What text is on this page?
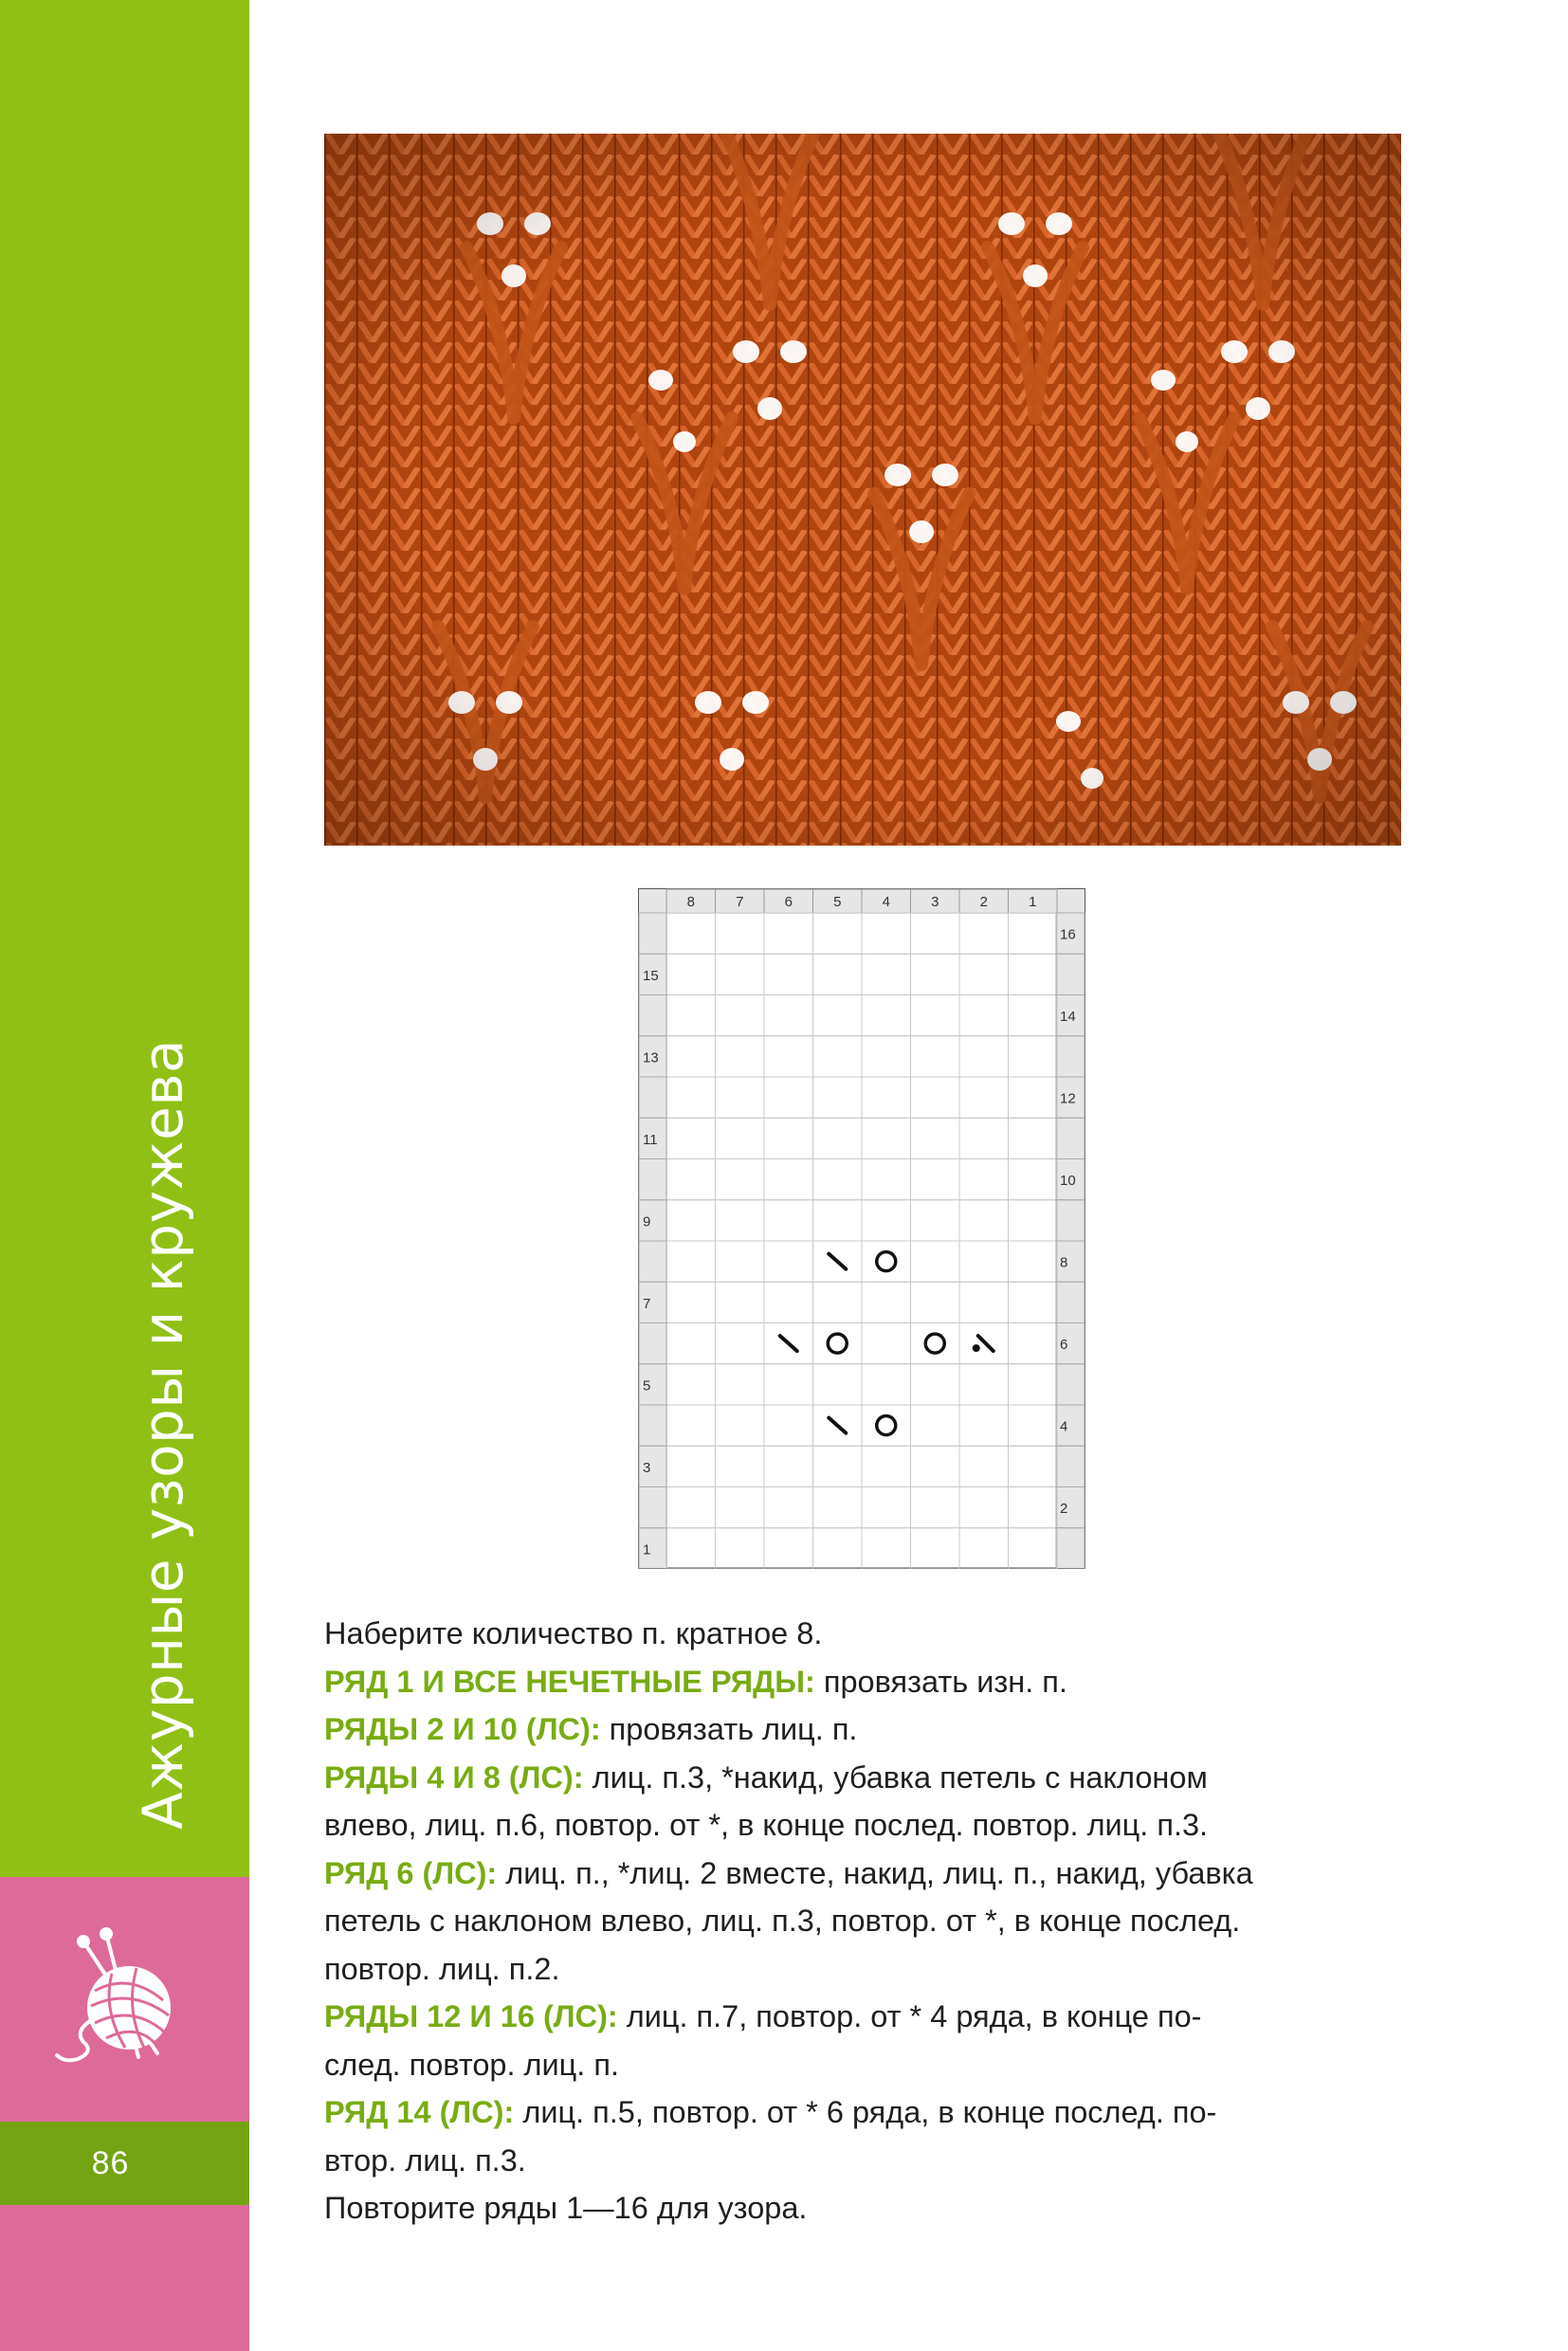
86
Ажурные узоры и кружева
8	7	6	5	4	3	2	1
15
13
11
9
7
5
3
1
16
14
12
10
8
6
4
2
Наберите количество п. кратное 8.
РЯД 1 И ВСЕ НЕЧЕТНЫЕ РЯДЫ: провязать изн. п.
РЯДЫ 2 И 10 (ЛС): провязать лиц. п.
РЯДЫ 4 И 8 (ЛС): лиц. п.3, *накид, убавка петель с наклоном
влево, лиц. п.6, повтор. от *, в конце послед. повтор. лиц. п.3.
РЯД 6 (ЛС): лиц. п., *лиц. 2 вместе, накид, лиц. п., накид, убавка
петель с наклоном влево, лиц. п.3, повтор. от *, в конце послед.
повтор. лиц. п.2.
РЯДЫ 12 И 16 (ЛС): лиц. п.7, повтор. от * 4 ряда, в конце по-
след. повтор. лиц. п.
РЯД 14 (ЛС): лиц. п.5, повтор. от * 6 ряда, в конце послед. по-
втор. лиц. п.3.
Повторите ряды 1—16 для узора.
